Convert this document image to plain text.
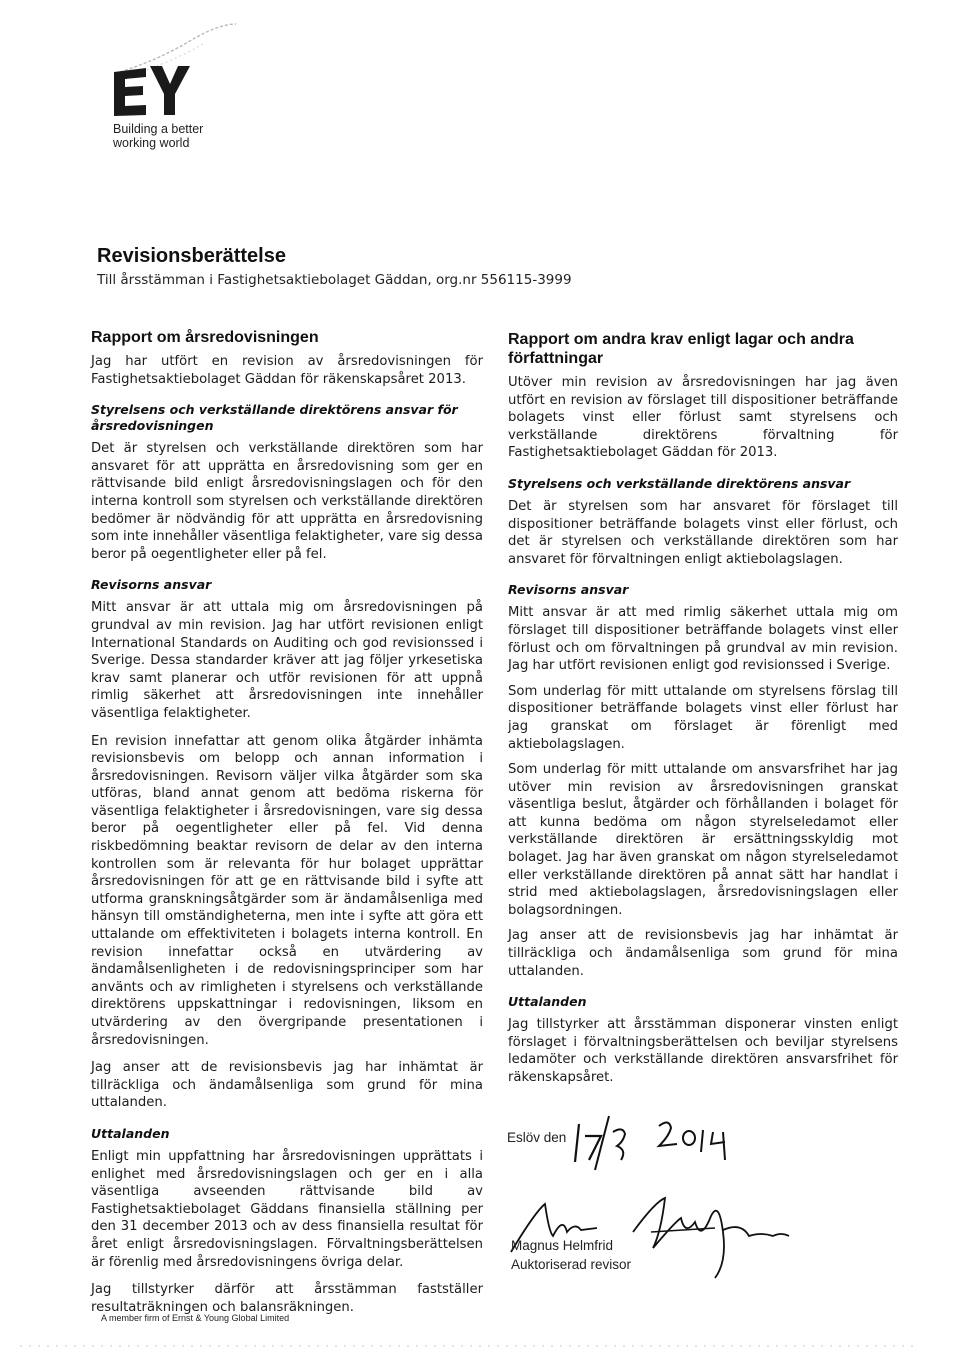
Building a better
working world
Revisionsberättelse
Till årsstämman i Fastighetsaktiebolaget Gäddan, org.nr 556115-3999
Rapport om årsredovisningen

Jag har utfört en revision av årsredovisningen för Fastighetsaktiebolaget Gäddan för räkenskapsåret 2013.

Styrelsens och verkställande direktörens ansvar för årsredovisningen

Det är styrelsen och verkställande direktören som har ansvaret för att upprätta en årsredovisning som ger en rättvisande bild enligt årsredovisningslagen och för den interna kontroll som styrelsen och verkställande direktören bedömer är nödvändig för att upprätta en årsredovisning som inte innehåller väsentliga felaktigheter, vare sig dessa beror på oegentligheter eller på fel.

Revisorns ansvar

Mitt ansvar är att uttala mig om årsredovisningen på grundval av min revision. Jag har utfört revisionen enligt International Standards on Auditing och god revisionssed i Sverige. Dessa standarder kräver att jag följer yrkesetiska krav samt planerar och utför revisionen för att uppnå rimlig säkerhet att årsredovisningen inte innehåller väsentliga felaktigheter.

En revision innefattar att genom olika åtgärder inhämta revisionsbevis om belopp och annan information i årsredovisningen. Revisorn väljer vilka åtgärder som ska utföras, bland annat genom att bedöma riskerna för väsentliga felaktigheter i årsredovisningen, vare sig dessa beror på oegentligheter eller på fel. Vid denna riskbedömning beaktar revisorn de delar av den interna kontrollen som är relevanta för hur bolaget upprättar årsredovisningen för att ge en rättvisande bild i syfte att utforma granskningsåtgärder som är ändamålsenliga med hänsyn till omständigheterna, men inte i syfte att göra ett uttalande om effektiviteten i bolagets interna kontroll. En revision innefattar också en utvärdering av ändamålsenligheten i de redovisningsprinciper som har använts och av rimligheten i styrelsens och verkställande direktörens uppskattningar i redovisningen, liksom en utvärdering av den övergripande presentationen i årsredovisningen.

Jag anser att de revisionsbevis jag har inhämtat är tillräckliga och ändamålsenliga som grund för mina uttalanden.

Uttalanden

Enligt min uppfattning har årsredovisningen upprättats i enlighet med årsredovisningslagen och ger en i alla väsentliga avseenden rättvisande bild av Fastighetsaktiebolaget Gäddans finansiella ställning per den 31 december 2013 och av dess finansiella resultat för året enligt årsredovisningslagen. Förvaltningsberättelsen är förenlig med årsredovisningens övriga delar.

Jag tillstyrker därför att årsstämman fastställer resultaträkningen och balansräkningen.

Rapport om andra krav enligt lagar och andra författningar

Utöver min revision av årsredovisningen har jag även utfört en revision av förslaget till dispositioner beträffande bolagets vinst eller förlust samt styrelsens och verkställande direktörens förvaltning för Fastighetsaktiebolaget Gäddan för 2013.

Styrelsens och verkställande direktörens ansvar

Det är styrelsen som har ansvaret för förslaget till dispositioner beträffande bolagets vinst eller förlust, och det är styrelsen och verkställande direktören som har ansvaret för förvaltningen enligt aktiebolagslagen.

Revisorns ansvar

Mitt ansvar är att med rimlig säkerhet uttala mig om förslaget till dispositioner beträffande bolagets vinst eller förlust och om förvaltningen på grundval av min revision. Jag har utfört revisionen enligt god revisionssed i Sverige.

Som underlag för mitt uttalande om styrelsens förslag till dispositioner beträffande bolagets vinst eller förlust har jag granskat om förslaget är förenligt med aktiebolagslagen.

Som underlag för mitt uttalande om ansvarsfrihet har jag utöver min revision av årsredovisningen granskat väsentliga beslut, åtgärder och förhållanden i bolaget för att kunna bedöma om någon styrelseledamot eller verkställande direktören är ersättningsskyldig mot bolaget. Jag har även granskat om någon styrelseledamot eller verkställande direktören på annat sätt har handlat i strid med aktiebolagslagen, årsredovisningslagen eller bolagsordningen.

Jag anser att de revisionsbevis jag har inhämtat är tillräckliga och ändamålsenliga som grund för mina uttalanden.

Uttalanden

Jag tillstyrker att årsstämman disponerar vinsten enligt förslaget i förvaltningsberättelsen och beviljar styrelsens ledamöter och verkställande direktören ansvarsfrihet för räkenskapsåret.

Eslöv den
Magnus Helmfrid
Auktoriserad revisor
A member firm of Ernst & Young Global Limited
